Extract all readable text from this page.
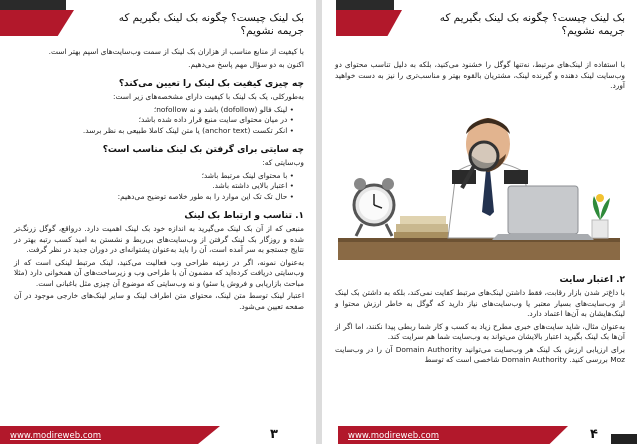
بک لینک چیست؟ چگونه بک لینک بگیریم که جریمه نشویم؟
با کیفیت از منابع مناسب از هزاران بک لینک از سمت وب‌سایت‌های اسپم بهتر است.
اکنون به دو سؤال مهم پاسخ می‌دهیم.
چه چیزی کیفیت بک لینک را تعیین می‌کند؟
به‌طورکلی، یک بک لینک با کیفیت دارای مشخصه‌های زیر است:
• لینک فالو (dofollow) باشد و نه nofollow؛
• در میان محتوای سایت منبع قرار داده شده باشد؛
• انکر تکست (anchor text) یا متن لینک کاملا طبیعی به نظر برسد.
چه سایتی برای گرفتن بک لینک مناسب است؟
وب‌سایتی که:
• با محتوای لینک مرتبط باشد؛
• اعتبار بالایی داشته باشد.
• حال تک تک این موارد را به طور خلاصه توضیح می‌دهیم:
۱. تناسب و ارتباط بک لینک
منبعی که از آن بک لینک می‌گیرید به اندازه خود بک لینک اهمیت دارد. درواقع، گوگل زرنگ‌تر شده و روزگار بک لینک گرفتن از وب‌سایت‌های بی‌ربط و نشستن به امید کسب رتبه بهتر در نتایج جستجو به سر آمده است، آن را باید به‌عنوان پشتوانه‌ای در دوران جدید در نظر گرفت.
به‌عنوان نمونه، اگر در زمینه طراحی وب فعالیت می‌کنید، لینک مرتبط لینکی است که از وب‌سایتی دریافت کرده‌اید که مضمون آن با طراحی وب و زیرساخت‌های آن همخوانی دارد (مثلا مباحث بازاریابی و فروش یا سئو) و نه وب‌سایتی که موضوع آن چیزی مثل باغبانی است.
اعتبار لینک توسط متن لینک، محتوای متن اطراف لینک و سایر لینک‌های خارجی موجود در آن صفحه تعیین می‌شود.
www.modireweb.com	۳
بک لینک چیست؟ چگونه بک لینک بگیریم که جریمه نشویم؟
با استفاده از لینک‌های مرتبط، نه‌تنها گوگل را خشنود می‌کنید، بلکه به دلیل تناسب محتوای دو وب‌سایت لینک دهنده و گیرنده لینک، مشتریان بالقوه بهتر و مناسب‌تری را نیز به دست خواهید آورد.
۲. اعتبار سایت
با داغ‌تر شدن بازار رقابت، فقط داشتن لینک‌های مرتبط کفایت نمی‌کند، بلکه به داشتن بک لینک از وب‌سایت‌های بسیار معتبر یا وب‌سایت‌های نیاز دارید که گوگل به خاطر ارزش محتوا و لینک‌هایشان به آن‌ها اعتماد دارد.
به‌عنوان مثال، شاید سایت‌های خبری مطرح زیاد به کسب و کار شما ربطی پیدا نکنند، اما اگر از آن‌ها بک لینک بگیرید اعتبار بالایشان می‌تواند به وب‌سایت شما هم سرایت کند.
برای ارزیابی ارزش بک لینک هر وب‌سایت می‌توانید Domain Authority آن را در وب‌سایت Moz بررسی کنید. Domain Authority شاخصی است که توسط
www.modireweb.com	۴
